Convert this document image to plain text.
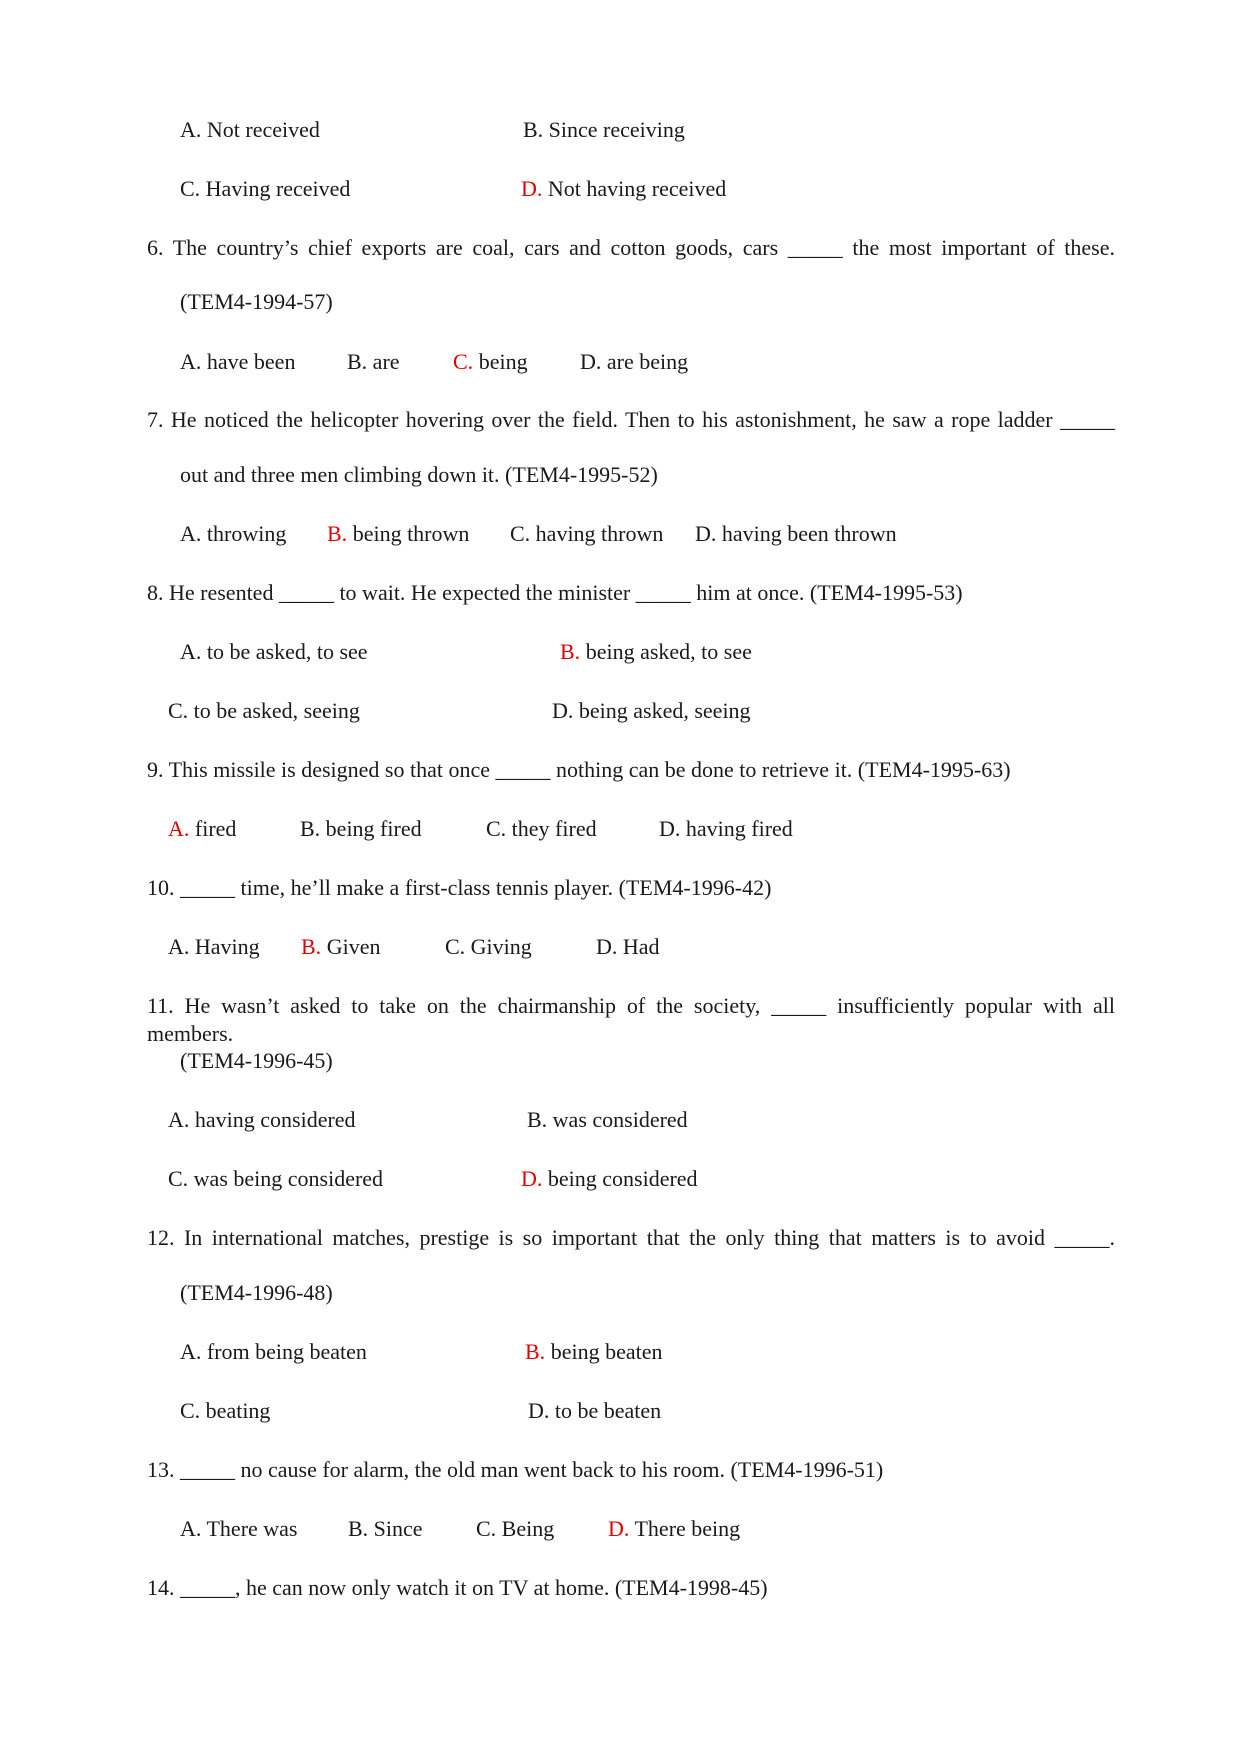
A. Not received	B. Since receiving
C. Having received	D. Not having received
6. The country’s chief exports are coal, cars and cotton goods, cars _____ the most important of these.
(TEM4-1994-57)
A. have been B. are C. being D. are being
7. He noticed the helicopter hovering over the field. Then to his astonishment, he saw a rope ladder _____
out and three men climbing down it. (TEM4-1995-52)
A. throwing B. being thrown C. having thrown D. having been thrown
8. He resented _____ to wait. He expected the minister _____ him at once. (TEM4-1995-53)
A. to be asked, to see	B. being asked, to see
C. to be asked, seeing	D. being asked, seeing
9. This missile is designed so that once _____ nothing can be done to retrieve it. (TEM4-1995-63)
A. fired	B. being fired	C. they fired	D. having fired
10. _____ time, he’ll make a first-class tennis player. (TEM4-1996-42)
A. Having B. Given	C. Giving	D. Had
11. He wasn’t asked to take on the chairmanship of the society, _____ insufficiently popular with all members.
(TEM4-1996-45)
A. having considered	B. was considered
C. was being considered	D. being considered
12. In international matches, prestige is so important that the only thing that matters is to avoid _____.
(TEM4-1996-48)
A. from being beaten	B. being beaten
C. beating	D. to be beaten
13. _____ no cause for alarm, the old man went back to his room. (TEM4-1996-51)
A. There was B. Since C. Being D. There being
14. _____, he can now only watch it on TV at home. (TEM4-1998-45)
